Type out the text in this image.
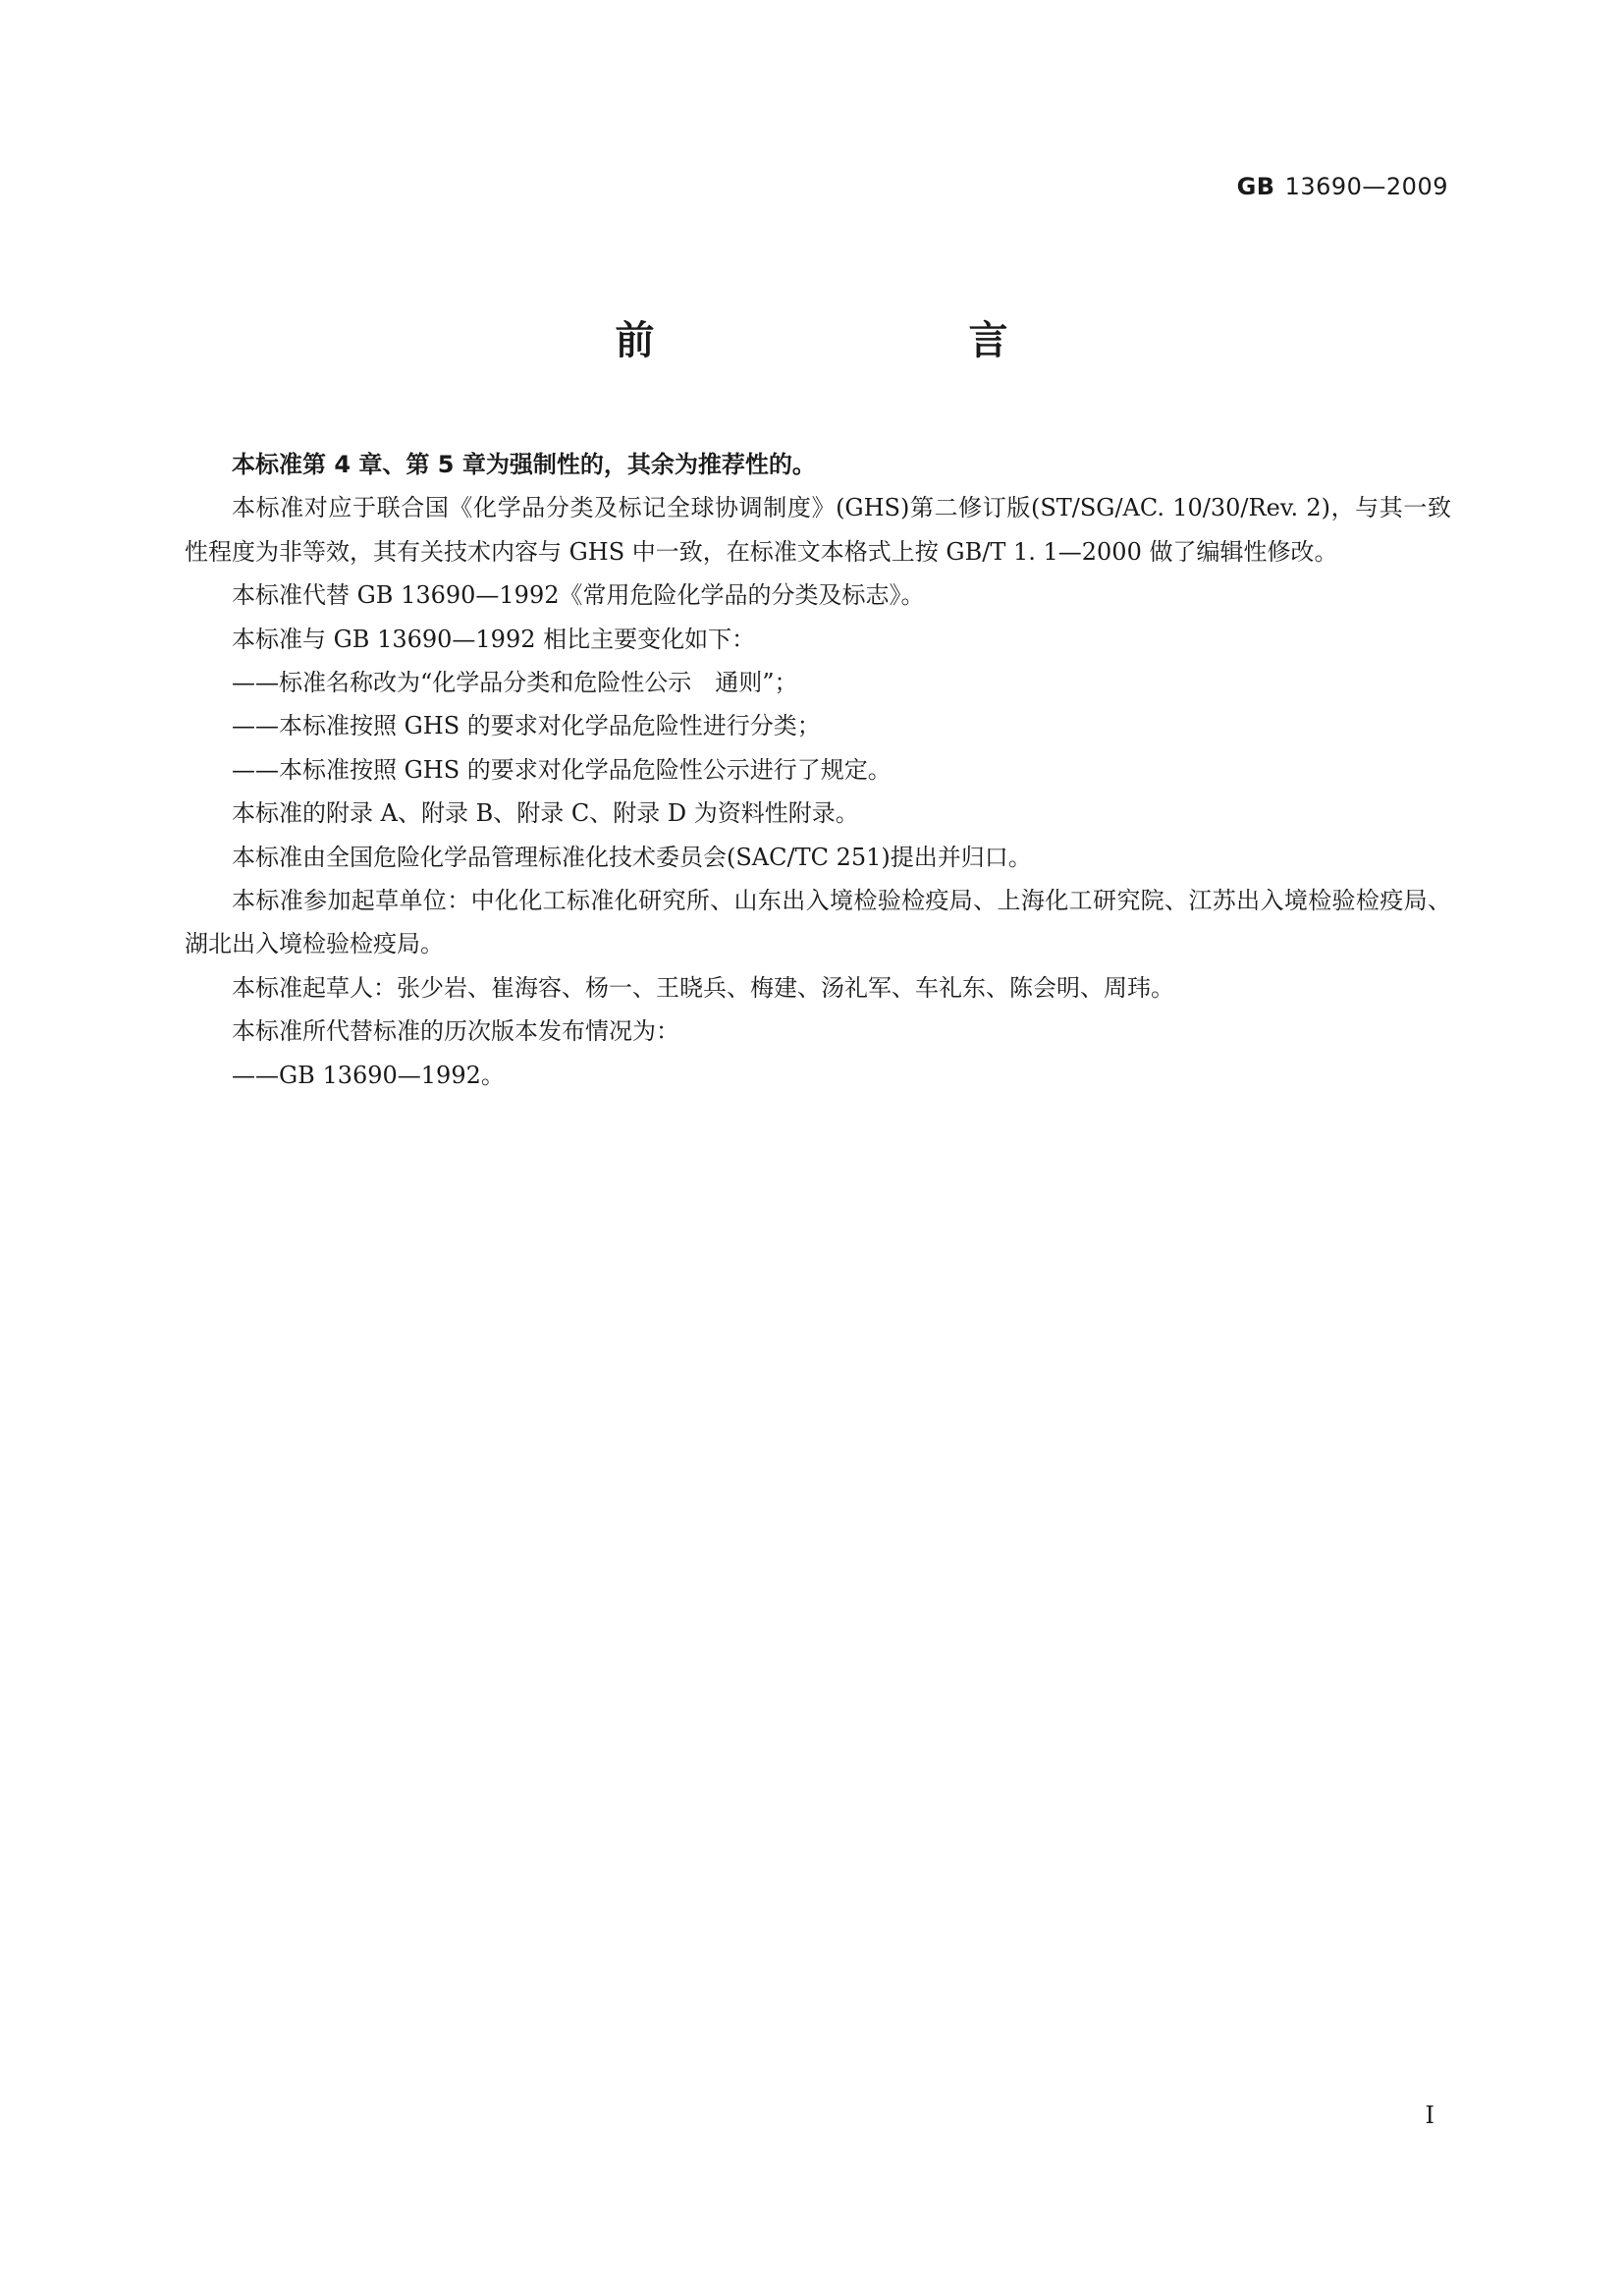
GB 13690—2009
前　　言

本标准第 4 章、第 5 章为强制性的，其余为推荐性的。

本标准对应于联合国《化学品分类及标记全球协调制度》(GHS)第二修订版(ST/SG/AC. 10/30/Rev. 2)，与其一致性程度为非等效，其有关技术内容与 GHS 中一致，在标准文本格式上按 GB/T 1. 1—2000 做了编辑性修改。

本标准代替 GB 13690—1992《常用危险化学品的分类及标志》。

本标准与 GB 13690—1992 相比主要变化如下：

——标准名称改为“化学品分类和危险性公示　通则”；

——本标准按照 GHS 的要求对化学品危险性进行分类；

——本标准按照 GHS 的要求对化学品危险性公示进行了规定。

本标准的附录 A、附录 B、附录 C、附录 D 为资料性附录。

本标准由全国危险化学品管理标准化技术委员会(SAC/TC 251)提出并归口。

本标准参加起草单位：中化化工标准化研究所、山东出入境检验检疫局、上海化工研究院、江苏出入境检验检疫局、湖北出入境检验检疫局。

本标准起草人：张少岩、崔海容、杨一、王晓兵、梅建、汤礼军、车礼东、陈会明、周玮。

本标准所代替标准的历次版本发布情况为：

——GB 13690—1992。

I
